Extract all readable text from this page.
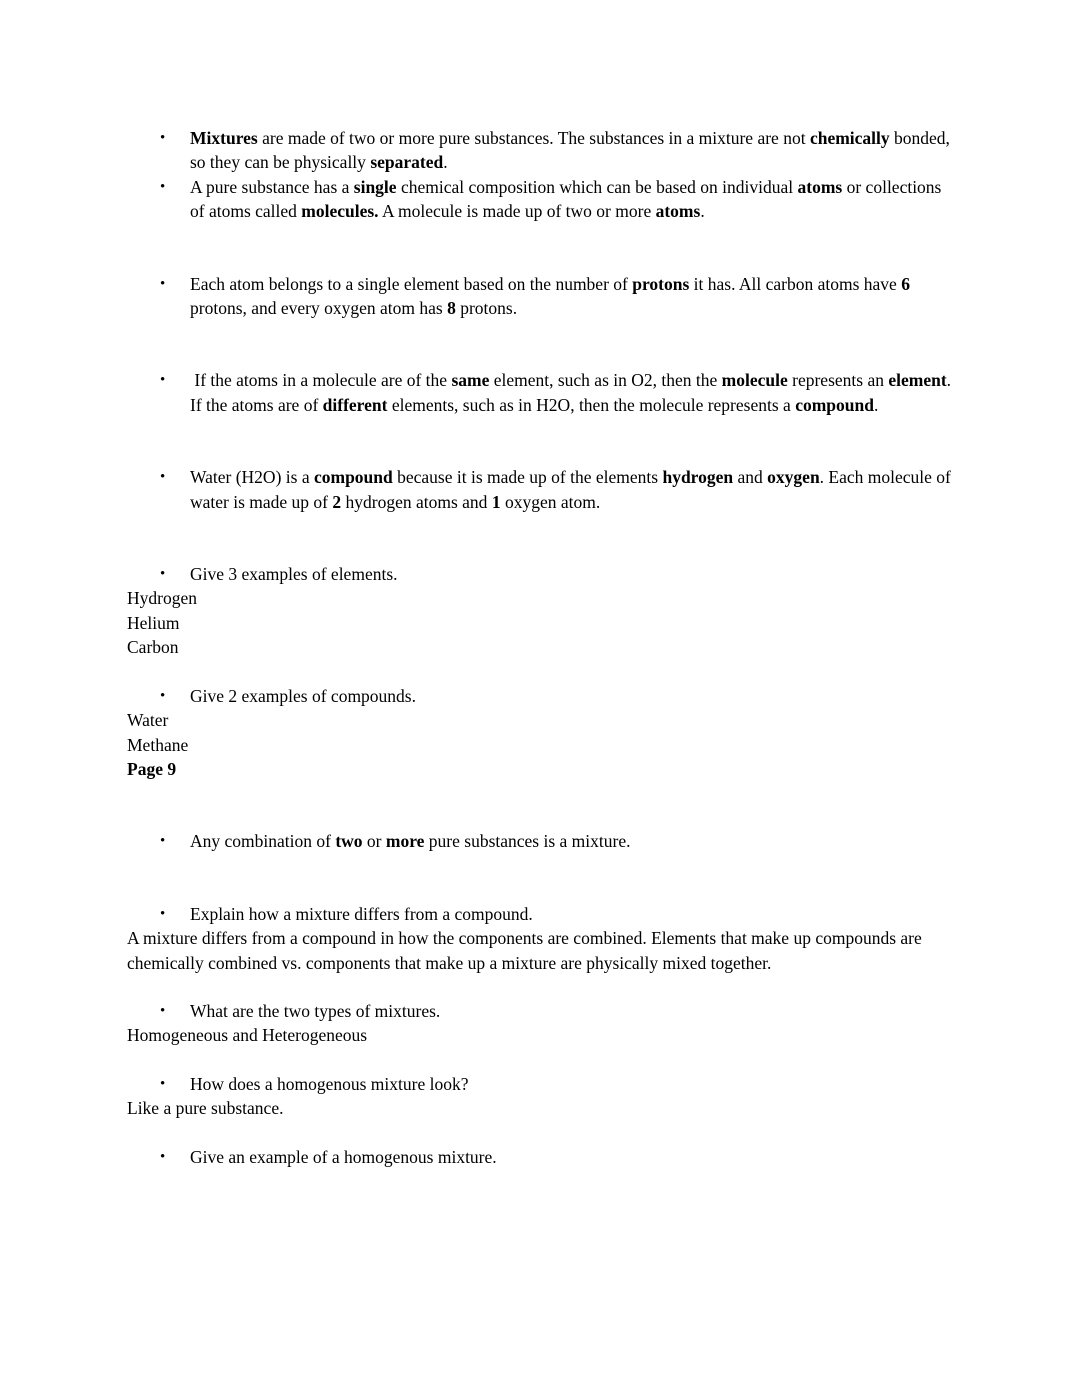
• Mixtures are made of two or more pure substances. The substances in a mixture are not chemically bonded, so they can be physically separated.
• A pure substance has a single chemical composition which can be based on individual atoms or collections of atoms called molecules. A molecule is made up of two or more atoms.
• Each atom belongs to a single element based on the number of protons it has. All carbon atoms have 6 protons, and every oxygen atom has 8 protons.
• If the atoms in a molecule are of the same element, such as in O2, then the molecule represents an element. If the atoms are of different elements, such as in H2O, then the molecule represents a compound.
• Water (H2O) is a compound because it is made up of the elements hydrogen and oxygen. Each molecule of water is made up of 2 hydrogen atoms and 1 oxygen atom.
• Give 3 examples of elements.
Hydrogen
Helium
Carbon
• Give 2 examples of compounds.
Water
Methane
Page 9
• Any combination of two or more pure substances is a mixture.
• Explain how a mixture differs from a compound.
A mixture differs from a compound in how the components are combined. Elements that make up compounds are chemically combined vs. components that make up a mixture are physically mixed together.
• What are the two types of mixtures.
Homogeneous and Heterogeneous
• How does a homogenous mixture look?
Like a pure substance.
• Give an example of a homogenous mixture.
